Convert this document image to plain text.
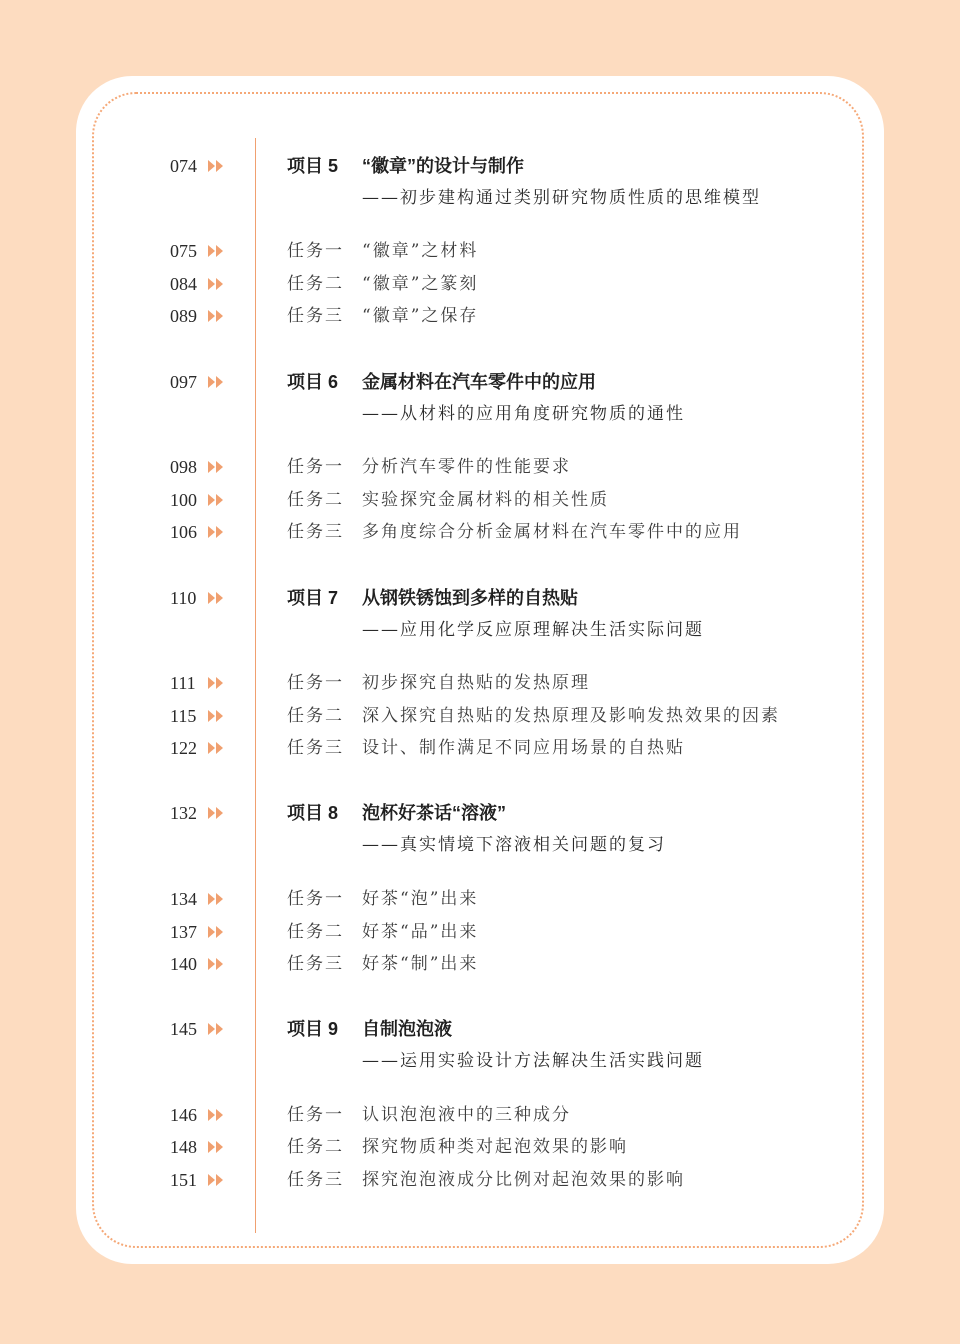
074	项目 5 “徽章”的设计与制作
——初步建构通过类别研究物质性质的思维模型
075	任务一 “徽章”之材料
084	任务二 “徽章”之篆刻
089	任务三 “徽章”之保存
097	项目 6 金属材料在汽车零件中的应用
——从材料的应用角度研究物质的通性
098	任务一 分析汽车零件的性能要求
100	任务二 实验探究金属材料的相关性质
106	任务三 多角度综合分析金属材料在汽车零件中的应用
110	项目 7 从钢铁锈蚀到多样的自热贴
——应用化学反应原理解决生活实际问题
111	任务一 初步探究自热贴的发热原理
115	任务二 深入探究自热贴的发热原理及影响发热效果的因素
122	任务三 设计、制作满足不同应用场景的自热贴
132	项目 8 泡杯好茶话“溶液”
——真实情境下溶液相关问题的复习
134	任务一 好茶“泡”出来
137	任务二 好茶“品”出来
140	任务三 好茶“制”出来
145	项目 9 自制泡泡液
——运用实验设计方法解决生活实践问题
146	任务一 认识泡泡液中的三种成分
148	任务二 探究物质种类对起泡效果的影响
151	任务三 探究泡泡液成分比例对起泡效果的影响
